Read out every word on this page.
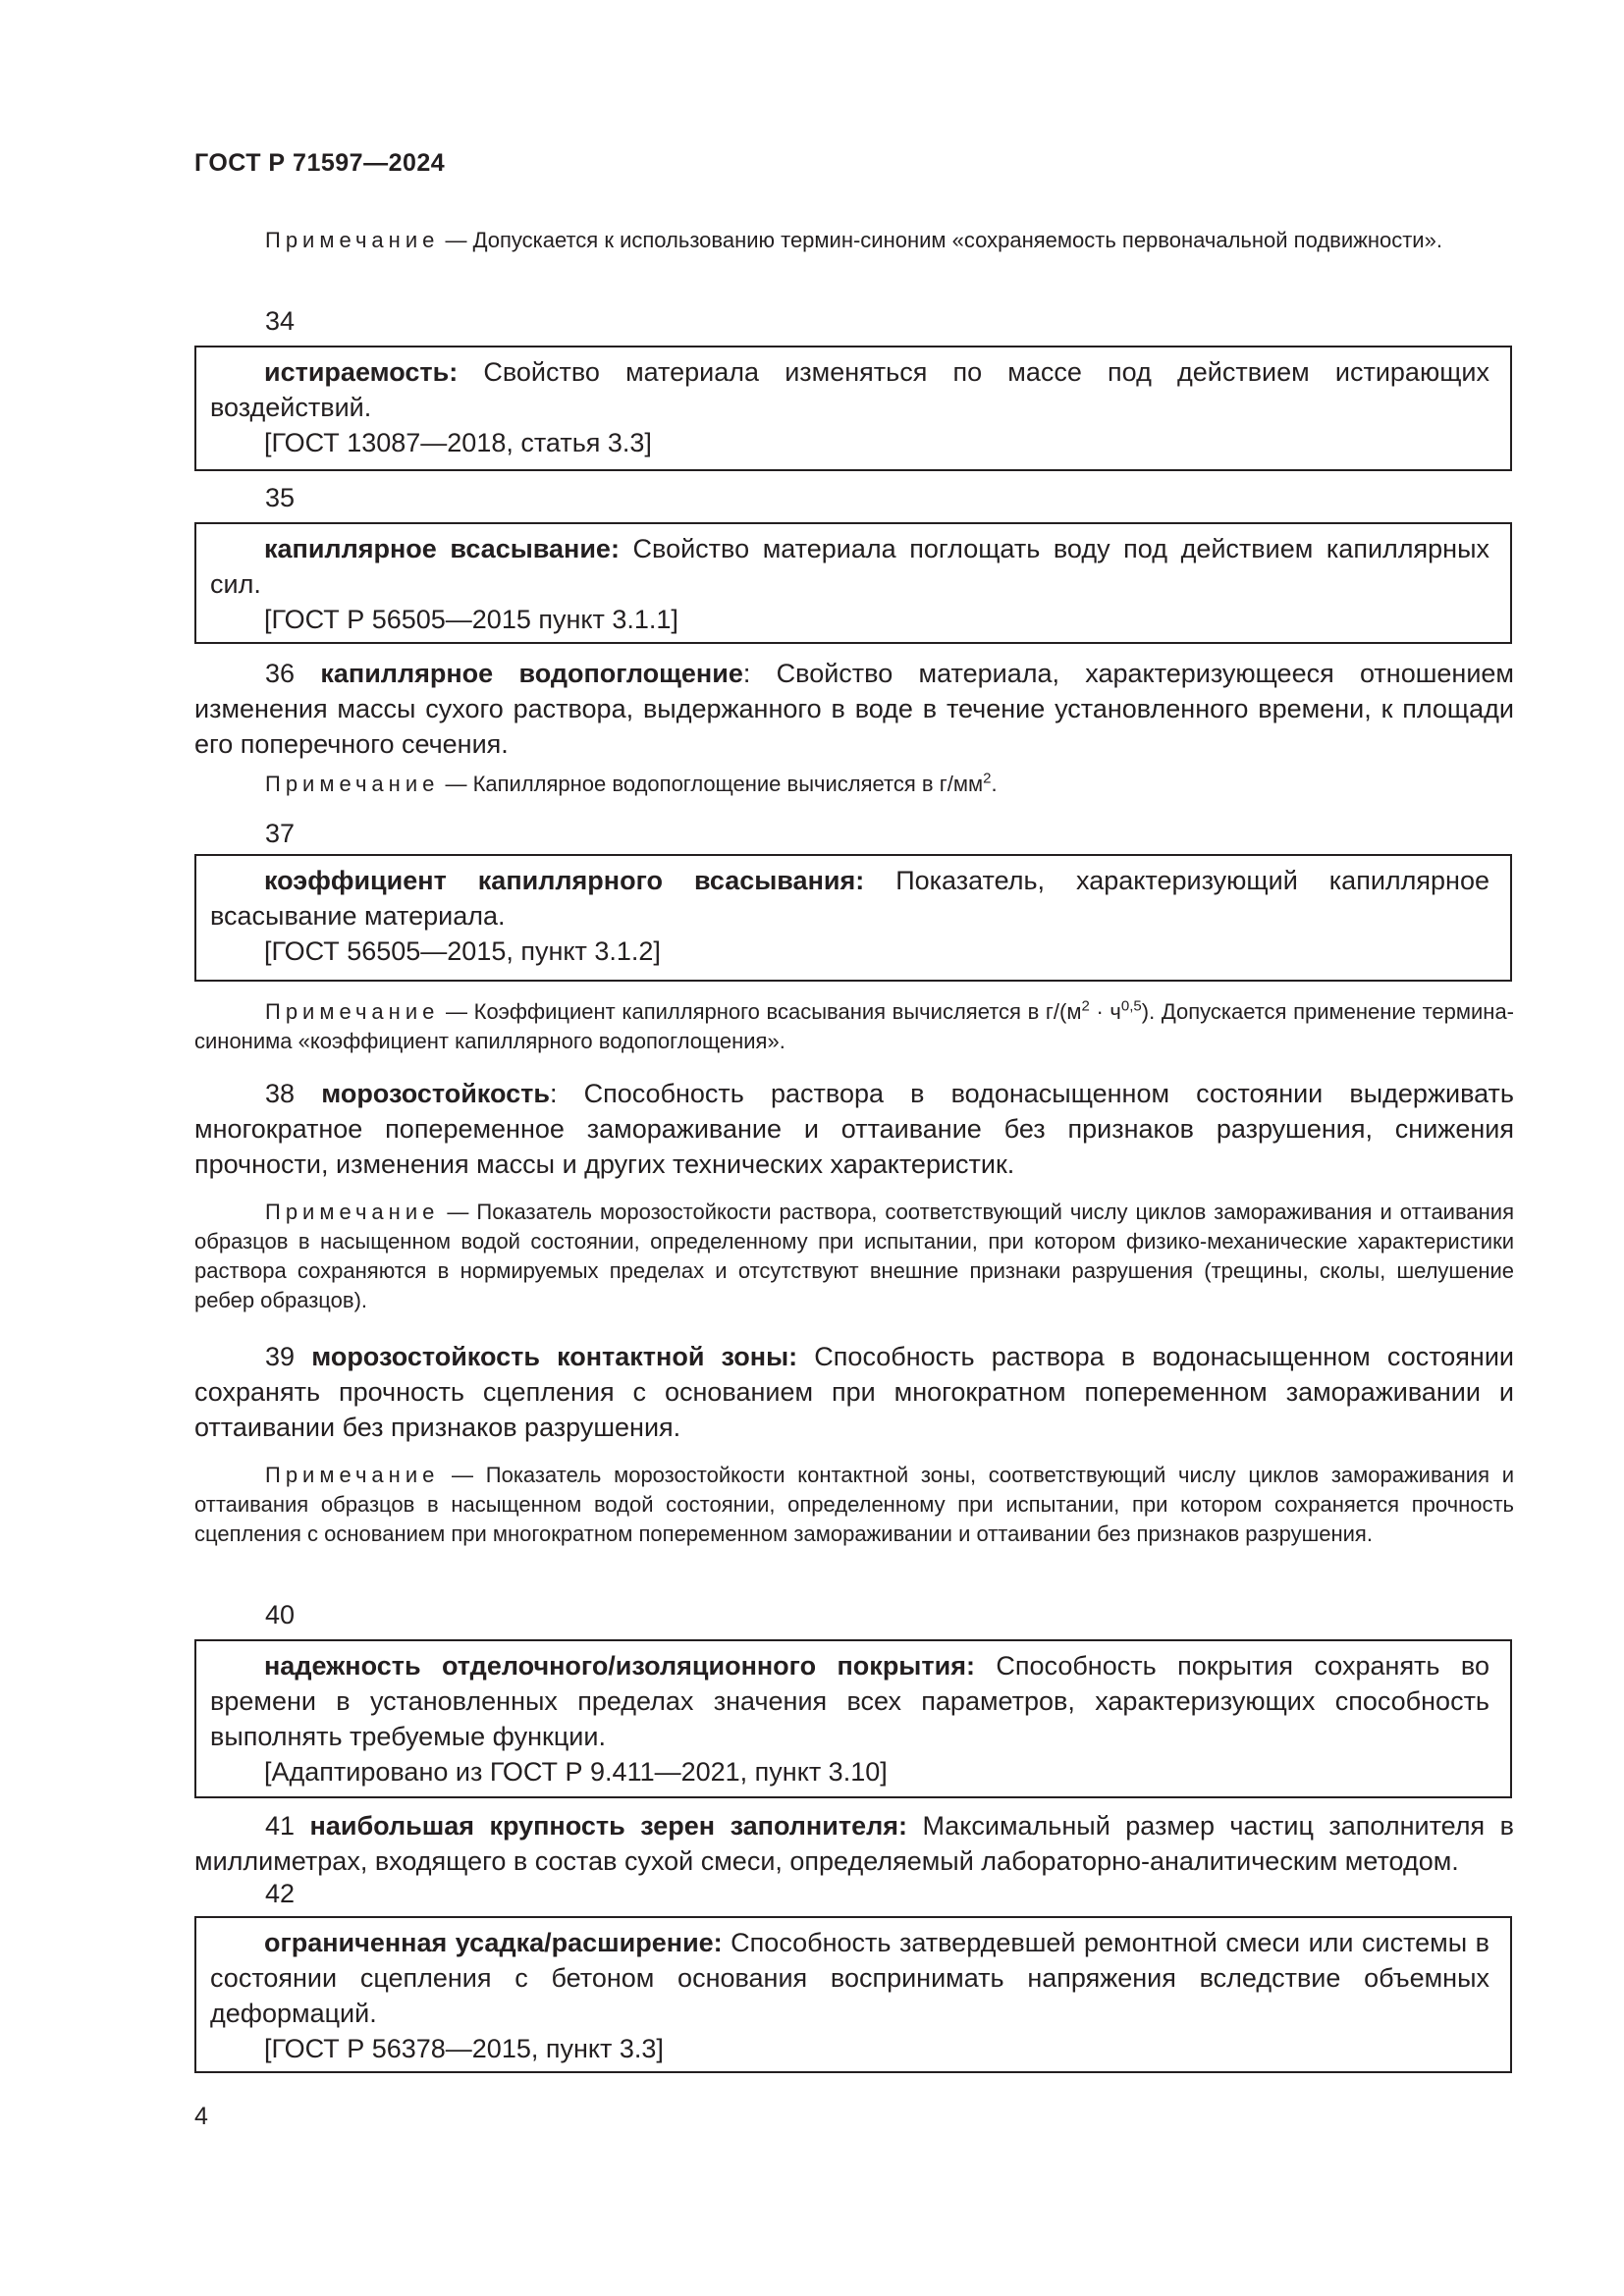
ГОСТ Р 71597—2024
Примечание — Допускается к использованию термин-синоним «сохраняемость первоначальной подвижности».
34
истираемость: Свойство материала изменяться по массе под действием истирающих воздействий.
[ГОСТ 13087—2018, статья 3.3]
35
капиллярное всасывание: Свойство материала поглощать воду под действием капиллярных сил.
[ГОСТ Р 56505—2015 пункт 3.1.1]
36 капиллярное водопоглощение: Свойство материала, характеризующееся отношением изменения массы сухого раствора, выдержанного в воде в течение установленного времени, к площади его поперечного сечения.
Примечание — Капиллярное водопоглощение вычисляется в $г/мм^2$.
37
коэффициент капиллярного всасывания: Показатель, характеризующий капиллярное всасывание материала.
[ГОСТ 56505—2015, пункт 3.1.2]
Примечание — Коэффициент капиллярного всасывания вычисляется в $г/(м^2 \cdot ч^{0,5})$. Допускается применение термина-синонима «коэффициент капиллярного водопоглощения».
38 морозостойкость: Способность раствора в водонасыщенном состоянии выдерживать многократное попеременное замораживание и оттаивание без признаков разрушения, снижения прочности, изменения массы и других технических характеристик.
Примечание — Показатель морозостойкости раствора, соответствующий числу циклов замораживания и оттаивания образцов в насыщенном водой состоянии, определенному при испытании, при котором физико-механические характеристики раствора сохраняются в нормируемых пределах и отсутствуют внешние признаки разрушения (трещины, сколы, шелушение ребер образцов).
39 морозостойкость контактной зоны: Способность раствора в водонасыщенном состоянии сохранять прочность сцепления с основанием при многократном попеременном замораживании и оттаивании без признаков разрушения.
Примечание — Показатель морозостойкости контактной зоны, соответствующий числу циклов замораживания и оттаивания образцов в насыщенном водой состоянии, определенному при испытании, при котором сохраняется прочность сцепления с основанием при многократном попеременном замораживании и оттаивании без признаков разрушения.
40
надежность отделочного/изоляционного покрытия: Способность покрытия сохранять во времени в установленных пределах значения всех параметров, характеризующих способность выполнять требуемые функции.
[Адаптировано из ГОСТ Р 9.411—2021, пункт 3.10]
41 наибольшая крупность зерен заполнителя: Максимальный размер частиц заполнителя в миллиметрах, входящего в состав сухой смеси, определяемый лабораторно-аналитическим методом.
42
ограниченная усадка/расширение: Способность затвердевшей ремонтной смеси или системы в состоянии сцепления с бетоном основания воспринимать напряжения вследствие объемных деформаций.
[ГОСТ Р 56378—2015, пункт 3.3]
4
